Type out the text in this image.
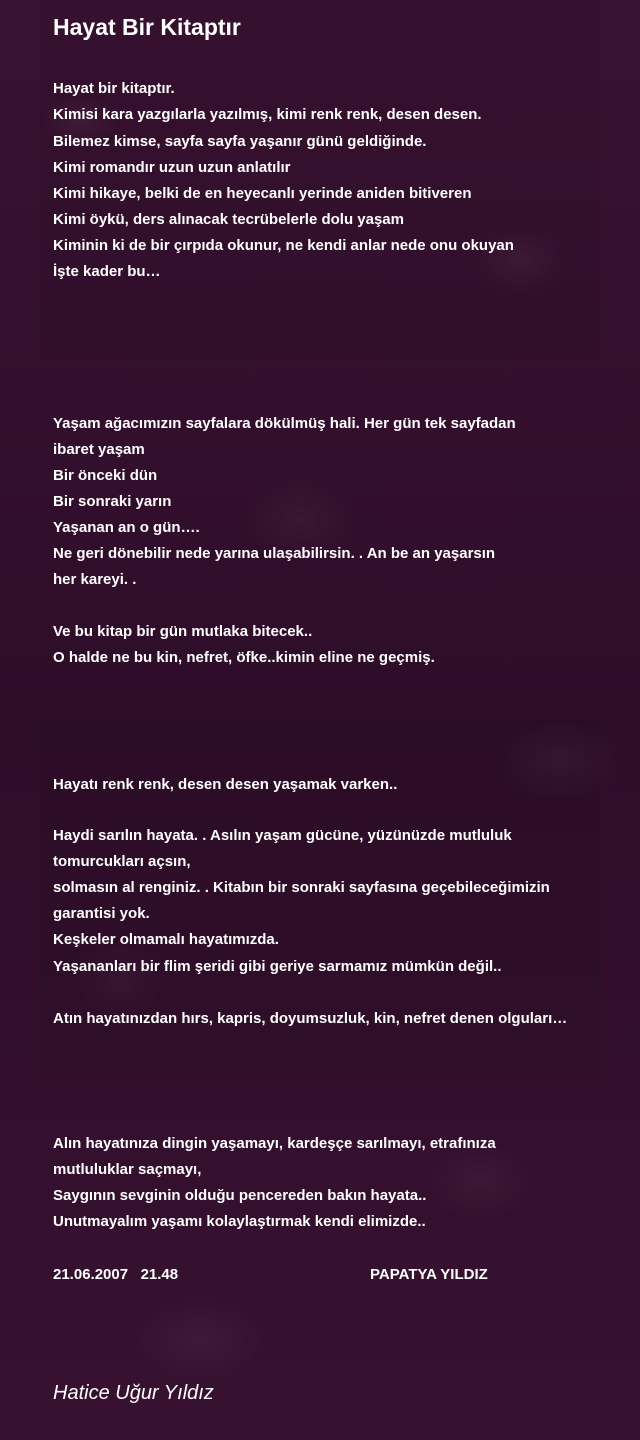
Hayat Bir Kitaptır
Hayat bir kitaptır.
Kimisi kara yazgılarla yazılmış, kimi renk renk, desen desen.
Bilemez kimse, sayfa sayfa yaşanır günü geldiğinde.
Kimi romandır uzun uzun anlatılır
Kimi hikaye, belki de en heyecanlı yerinde aniden bitiveren
Kimi öykü, ders alınacak tecrübelerle dolu yaşam
Kiminin ki de bir çırpıda okunur, ne kendi anlar nede onu okuyan
İşte kader bu…
Yaşam ağacımızın sayfalara dökülmüş hali. Her gün tek sayfadan
ibaret yaşam
Bir önceki dün
Bir sonraki yarın
Yaşanan an o gün….
Ne geri dönebilir nede yarına ulaşabilirsin. . An be an yaşarsın
her kareyi. .
Ve bu kitap bir gün mutlaka bitecek..
O halde ne bu kin, nefret, öfke..kimin eline ne geçmiş.
Hayatı renk renk, desen desen yaşamak varken..
Haydi sarılın hayata. . Asılın yaşam gücüne, yüzünüzde mutluluk
tomurcukları açsın,
solmasın al renginiz. . Kitabın bir sonraki sayfasına geçebileceğimizin
garantisi yok.
Keşkeler olmamalı hayatımızda.
Yaşananları bir flim şeridi gibi geriye sarmamız mümkün değil..
Atın hayatınızdan hırs, kapris, doyumsuzluk, kin, nefret denen olguları…
Alın hayatınıza dingin yaşamayı, kardeşçe sarılmayı, etrafınıza
mutluluklar saçmayı,
Saygının sevginin olduğu pencereden bakın hayata..
Unutmayalım yaşamı kolaylaştırmak kendi elimizde..
21.06.2007   21.48	PAPATYA YILDIZ
Hatice Uğur Yıldız
